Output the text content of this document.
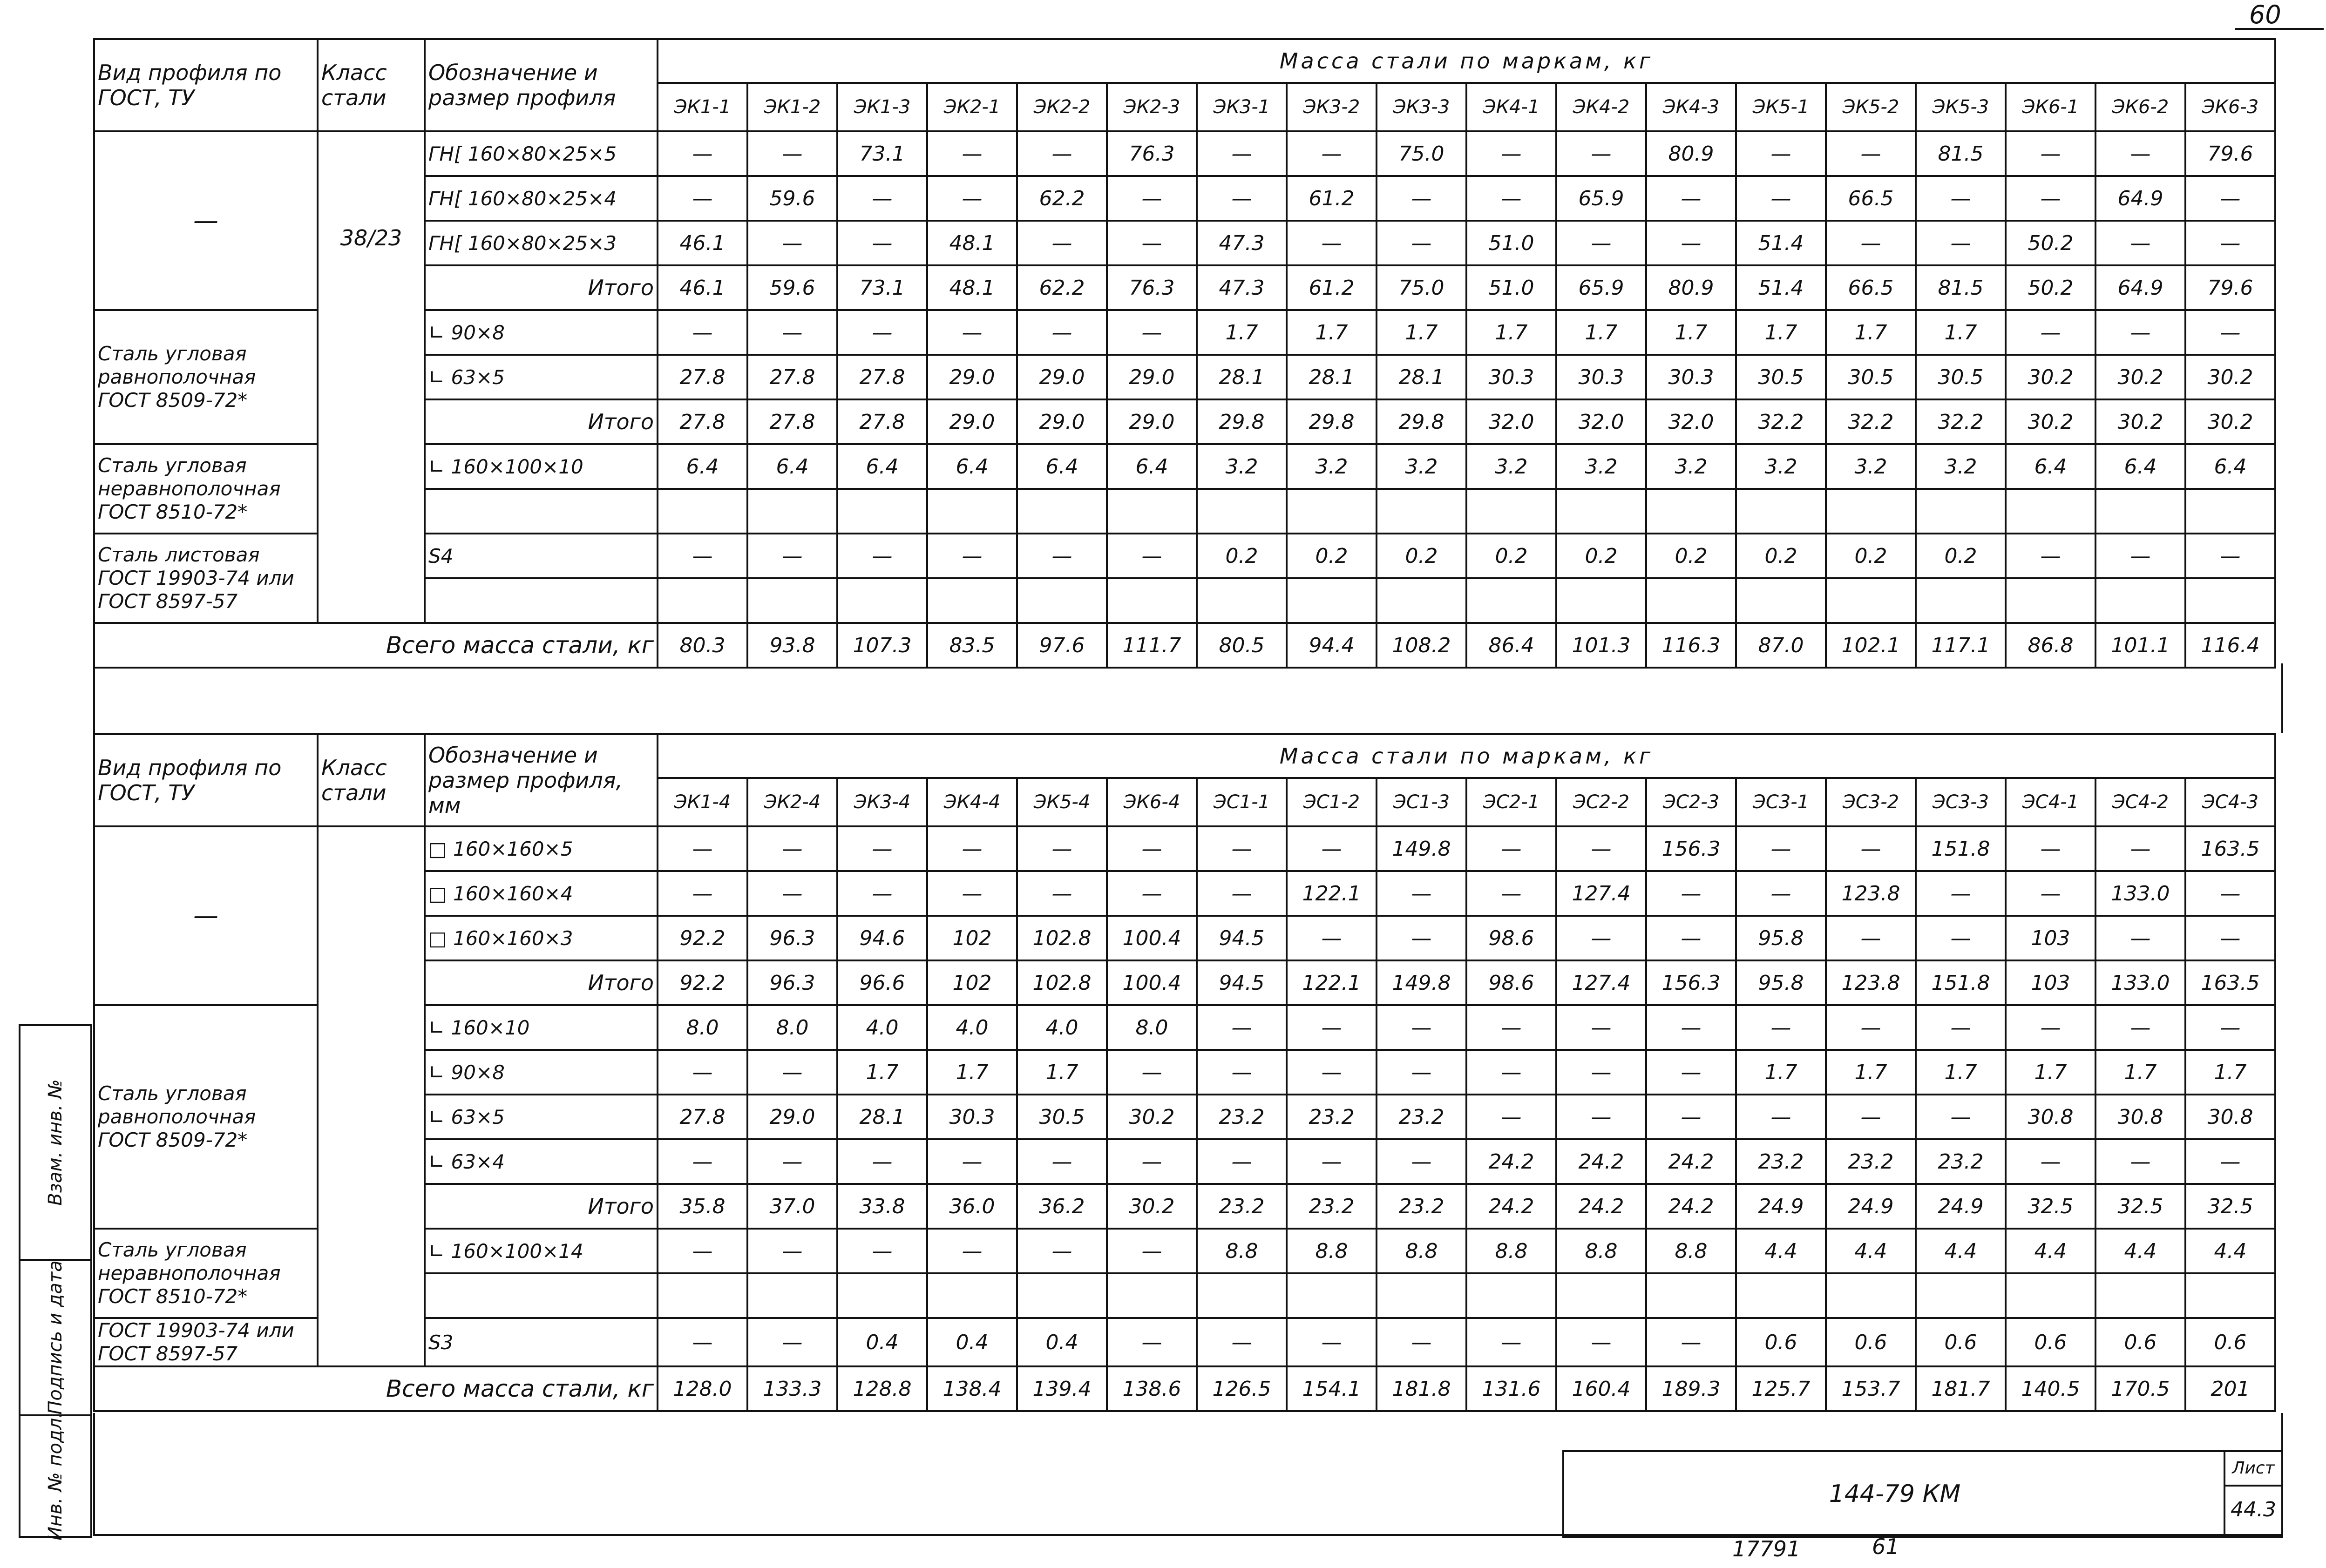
60
Вид профиля по ГОСТ, ТУ	Класс стали	Обозначение и размер профиля	Масса стали по маркам, кг																	
			ЭК1-1	ЭК1-2	ЭК1-3	ЭК2-1	ЭК2-2	ЭК2-3	ЭК3-1	ЭК3-2	ЭК3-3	ЭК4-1	ЭК4-2	ЭК4-3	ЭК5-1	ЭК5-2	ЭК5-3	ЭК6-1	ЭК6-2	ЭК6-3
—	38/23	ГН[ 160×80×25×5	—	—	73.1	—	—	76.3	—	—	75.0	—	—	80.9	—	—	81.5	—	—	79.6
		ГН[ 160×80×25×4	—	59.6	—	—	62.2	—	—	61.2	—	—	65.9	—	—	66.5	—	—	64.9	—
		ГН[ 160×80×25×3	46.1	—	—	48.1	—	—	47.3	—	—	51.0	—	—	51.4	—	—	50.2	—	—
		Итого	46.1	59.6	73.1	48.1	62.2	76.3	47.3	61.2	75.0	51.0	65.9	80.9	51.4	66.5	81.5	50.2	64.9	79.6
Сталь угловая равнополочная ГОСТ 8509-72*		∟ 90×8	—	—	—	—	—	—	1.7	1.7	1.7	1.7	1.7	1.7	1.7	1.7	1.7	—	—	—
		∟ 63×5	27.8	27.8	27.8	29.0	29.0	29.0	28.1	28.1	28.1	30.3	30.3	30.3	30.5	30.5	30.5	30.2	30.2	30.2
		Итого	27.8	27.8	27.8	29.0	29.0	29.0	29.8	29.8	29.8	32.0	32.0	32.0	32.2	32.2	32.2	30.2	30.2	30.2
Сталь угловая неравнополочная ГОСТ 8510-72*		∟ 160×100×10	6.4	6.4	6.4	6.4	6.4	6.4	3.2	3.2	3.2	3.2	3.2	3.2	3.2	3.2	3.2	6.4	6.4	6.4

Сталь листовая ГОСТ 19903-74 или ГОСТ 8597-57		S4	—	—	—	—	—	—	0.2	0.2	0.2	0.2	0.2	0.2	0.2	0.2	0.2	—	—	—

Всего масса стали, кг			80.3	93.8	107.3	83.5	97.6	111.7	80.5	94.4	108.2	86.4	101.3	116.3	87.0	102.1	117.1	86.8	101.1	116.4
Вид профиля по ГОСТ, ТУ	Класс стали	Обозначение и размер профиля, мм	Масса стали по маркам, кг																	
			ЭК1-4	ЭК2-4	ЭК3-4	ЭК4-4	ЭК5-4	ЭК6-4	ЭС1-1	ЭС1-2	ЭС1-3	ЭС2-1	ЭС2-2	ЭС2-3	ЭС3-1	ЭС3-2	ЭС3-3	ЭС4-1	ЭС4-2	ЭС4-3
—		□ 160×160×5	—	—	—	—	—	—	—	—	149.8	—	—	156.3	—	—	151.8	—	—	163.5
		□ 160×160×4	—	—	—	—	—	—	—	122.1	—	—	127.4	—	—	123.8	—	—	133.0	—
		□ 160×160×3	92.2	96.3	94.6	102	102.8	100.4	94.5	—	—	98.6	—	—	95.8	—	—	103	—	—
		Итого	92.2	96.3	96.6	102	102.8	100.4	94.5	122.1	149.8	98.6	127.4	156.3	95.8	123.8	151.8	103	133.0	163.5
Сталь угловая равнополочная ГОСТ 8509-72*		∟ 160×10	8.0	8.0	4.0	4.0	4.0	8.0	—	—	—	—	—	—	—	—	—	—	—	—
		∟ 90×8	—	—	1.7	1.7	1.7	—	—	—	—	—	—	—	1.7	1.7	1.7	1.7	1.7	1.7
		∟ 63×5	27.8	29.0	28.1	30.3	30.5	30.2	23.2	23.2	23.2	—	—	—	—	—	—	30.8	30.8	30.8
		∟ 63×4	—	—	—	—	—	—	—	—	—	24.2	24.2	24.2	23.2	23.2	23.2	—	—	—
		Итого	35.8	37.0	33.8	36.0	36.2	30.2	23.2	23.2	23.2	24.2	24.2	24.2	24.9	24.9	24.9	32.5	32.5	32.5
Сталь угловая неравнополочная ГОСТ 8510-72*		∟ 160×100×14	—	—	—	—	—	—	8.8	8.8	8.8	8.8	8.8	8.8	4.4	4.4	4.4	4.4	4.4	4.4

ГОСТ 19903-74 или ГОСТ 8597-57		S3	—	—	0.4	0.4	0.4	—	—	—	—	—	—	—	0.6	0.6	0.6	0.6	0.6	0.6
Всего масса стали, кг			128.0	133.3	128.8	138.4	139.4	138.6	126.5	154.1	181.8	131.6	160.4	189.3	125.7	153.7	181.7	140.5	170.5	201
Взам. инв. №
Подпись и дата
Инв. № подл.	144-79 КМ
Лист
44.3
17791	61
